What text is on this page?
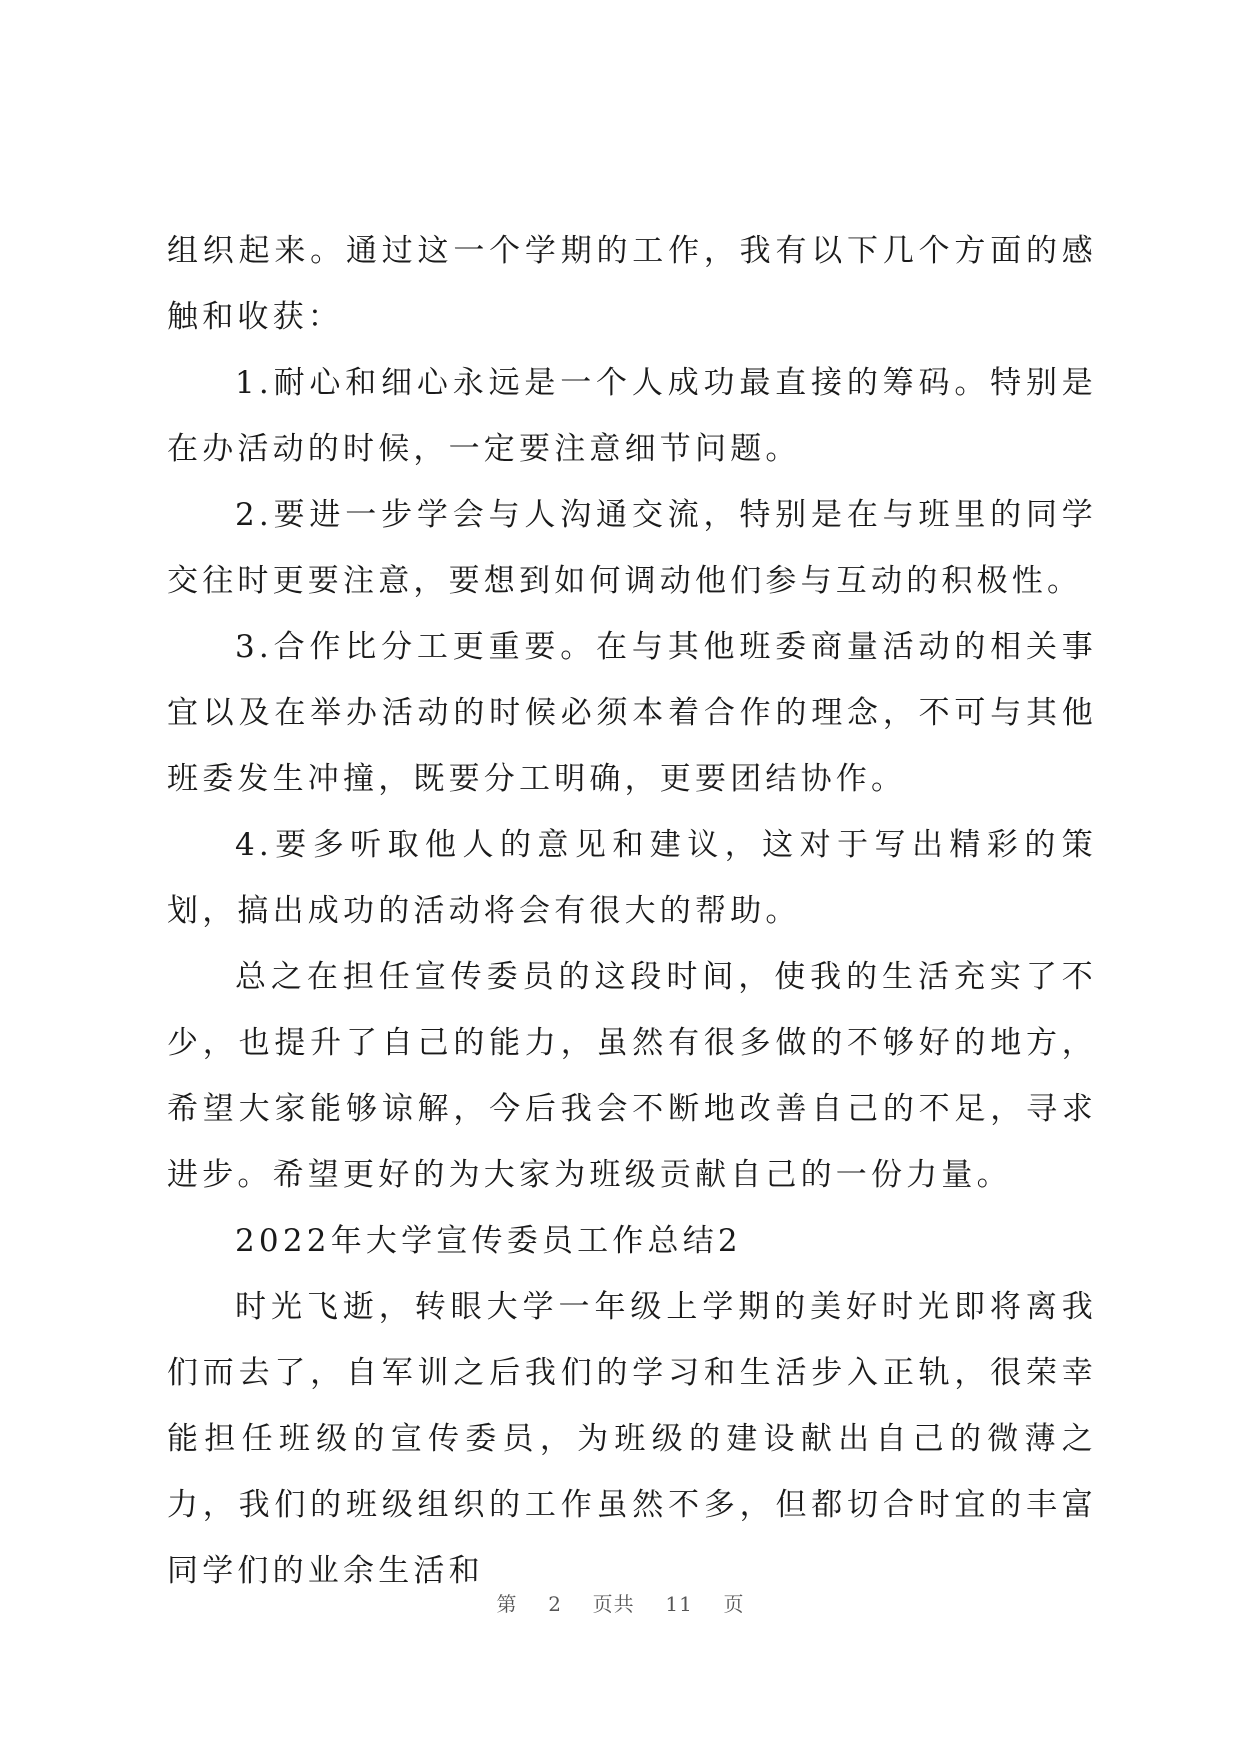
组织起来。通过这一个学期的工作，我有以下几个方面的感触和收获：

1.耐心和细心永远是一个人成功最直接的筹码。特别是在办活动的时候，一定要注意细节问题。

2.要进一步学会与人沟通交流，特别是在与班里的同学交往时更要注意，要想到如何调动他们参与互动的积极性。

3.合作比分工更重要。在与其他班委商量活动的相关事宜以及在举办活动的时候必须本着合作的理念，不可与其他班委发生冲撞，既要分工明确，更要团结协作。

4.要多听取他人的意见和建议，这对于写出精彩的策划，搞出成功的活动将会有很大的帮助。

总之在担任宣传委员的这段时间，使我的生活充实了不少，也提升了自己的能力，虽然有很多做的不够好的地方，希望大家能够谅解，今后我会不断地改善自己的不足，寻求进步。希望更好的为大家为班级贡献自己的一份力量。

2022年大学宣传委员工作总结2

时光飞逝，转眼大学一年级上学期的美好时光即将离我们而去了，自军训之后我们的学习和生活步入正轨，很荣幸能担任班级的宣传委员，为班级的建设献出自己的微薄之力，我们的班级组织的工作虽然不多，但都切合时宜的丰富同学们的业余生活和

第 2 页共 11 页
